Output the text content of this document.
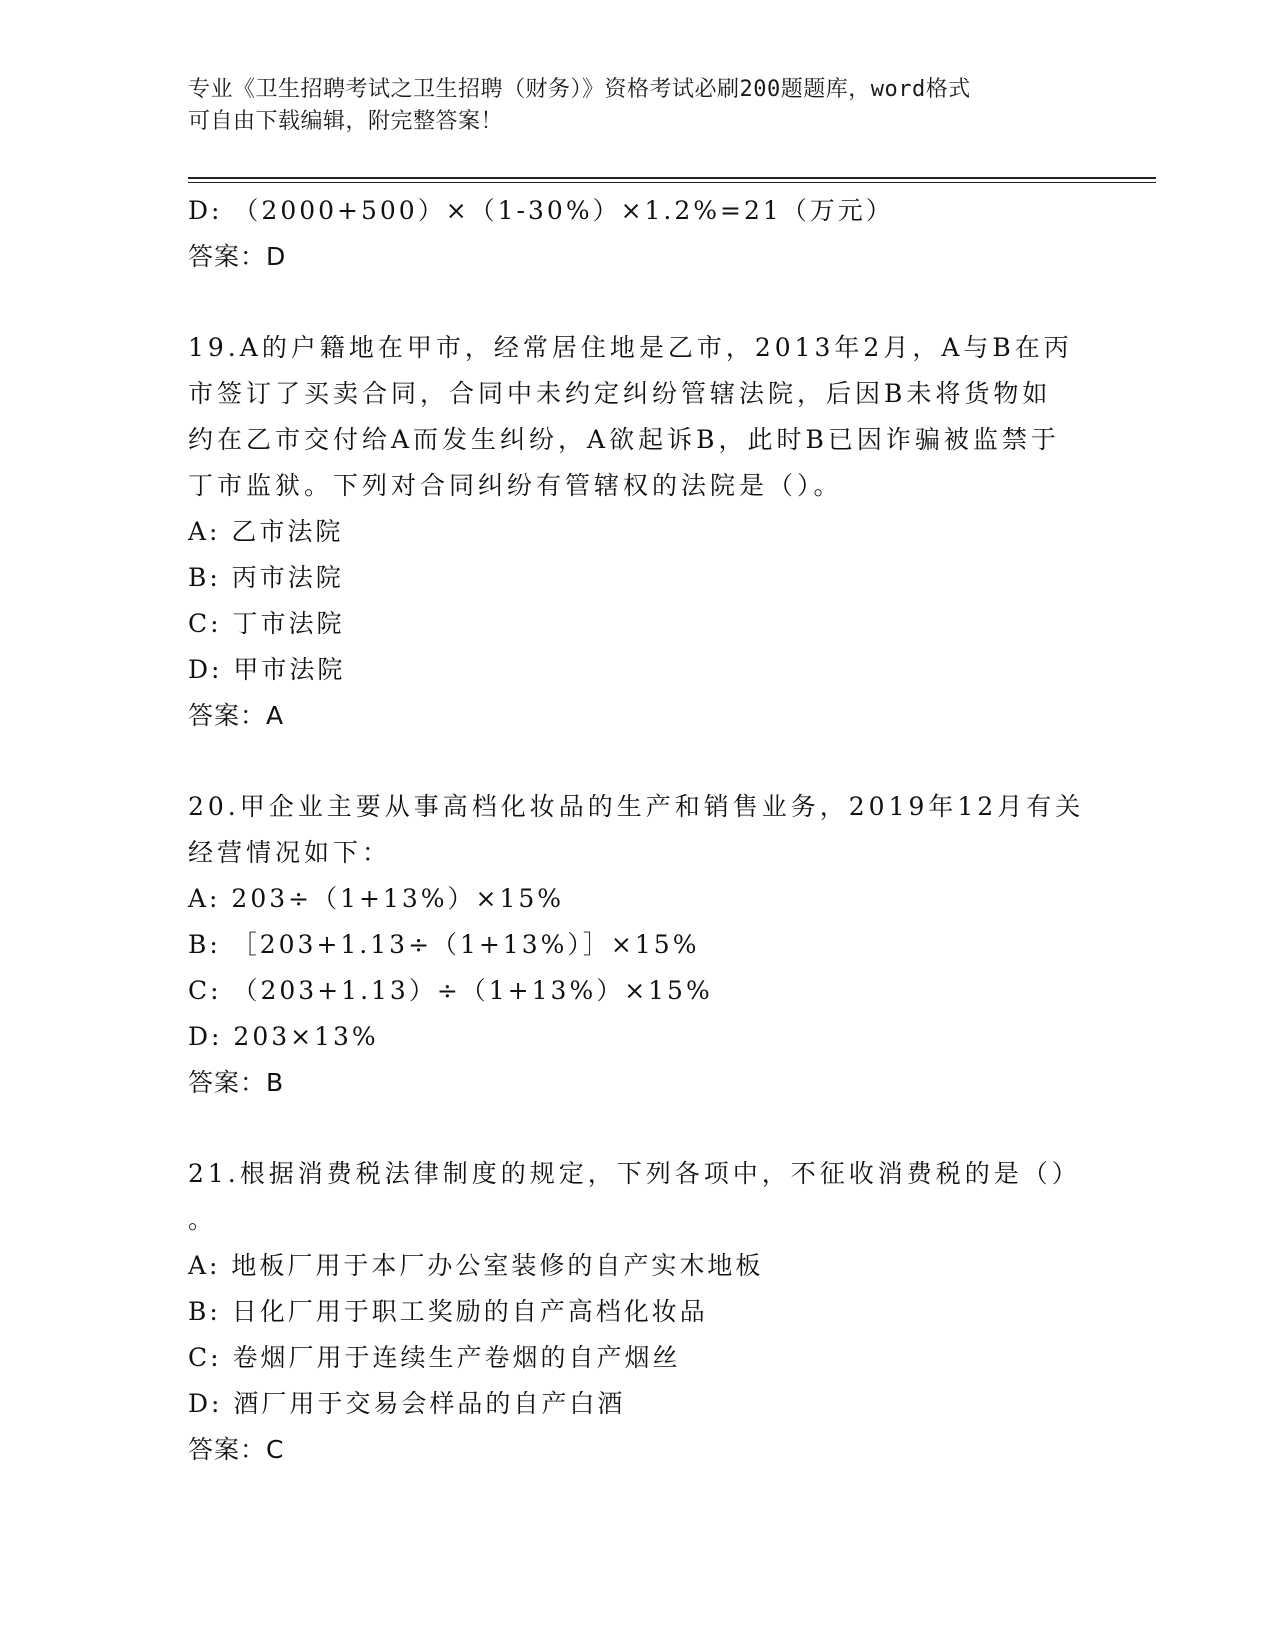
专业《卫生招聘考试之卫生招聘（财务）》资格考试必刷200题题库，word格式
可自由下载编辑，附完整答案！
D: （2000+500）×（1-30%）×1.2%=21（万元）
答案：D
19.A的户籍地在甲市，经常居住地是乙市，2013年2月，A与B在丙
市签订了买卖合同，合同中未约定纠纷管辖法院，后因B未将货物如
约在乙市交付给A而发生纠纷，A欲起诉B，此时B已因诈骗被监禁于
丁市监狱。下列对合同纠纷有管辖权的法院是（）。
A: 乙市法院
B: 丙市法院
C: 丁市法院
D: 甲市法院
答案：A
20.甲企业主要从事高档化妆品的生产和销售业务，2019年12月有关
经营情况如下：
A: 203÷（1+13%）×15%
B: ［203+1.13÷（1+13%）］×15%
C: （203+1.13）÷（1+13%）×15%
D: 203×13%
答案：B
21.根据消费税法律制度的规定，下列各项中，不征收消费税的是（）
。
A: 地板厂用于本厂办公室装修的自产实木地板
B: 日化厂用于职工奖励的自产高档化妆品
C: 卷烟厂用于连续生产卷烟的自产烟丝
D: 酒厂用于交易会样品的自产白酒
答案：C
